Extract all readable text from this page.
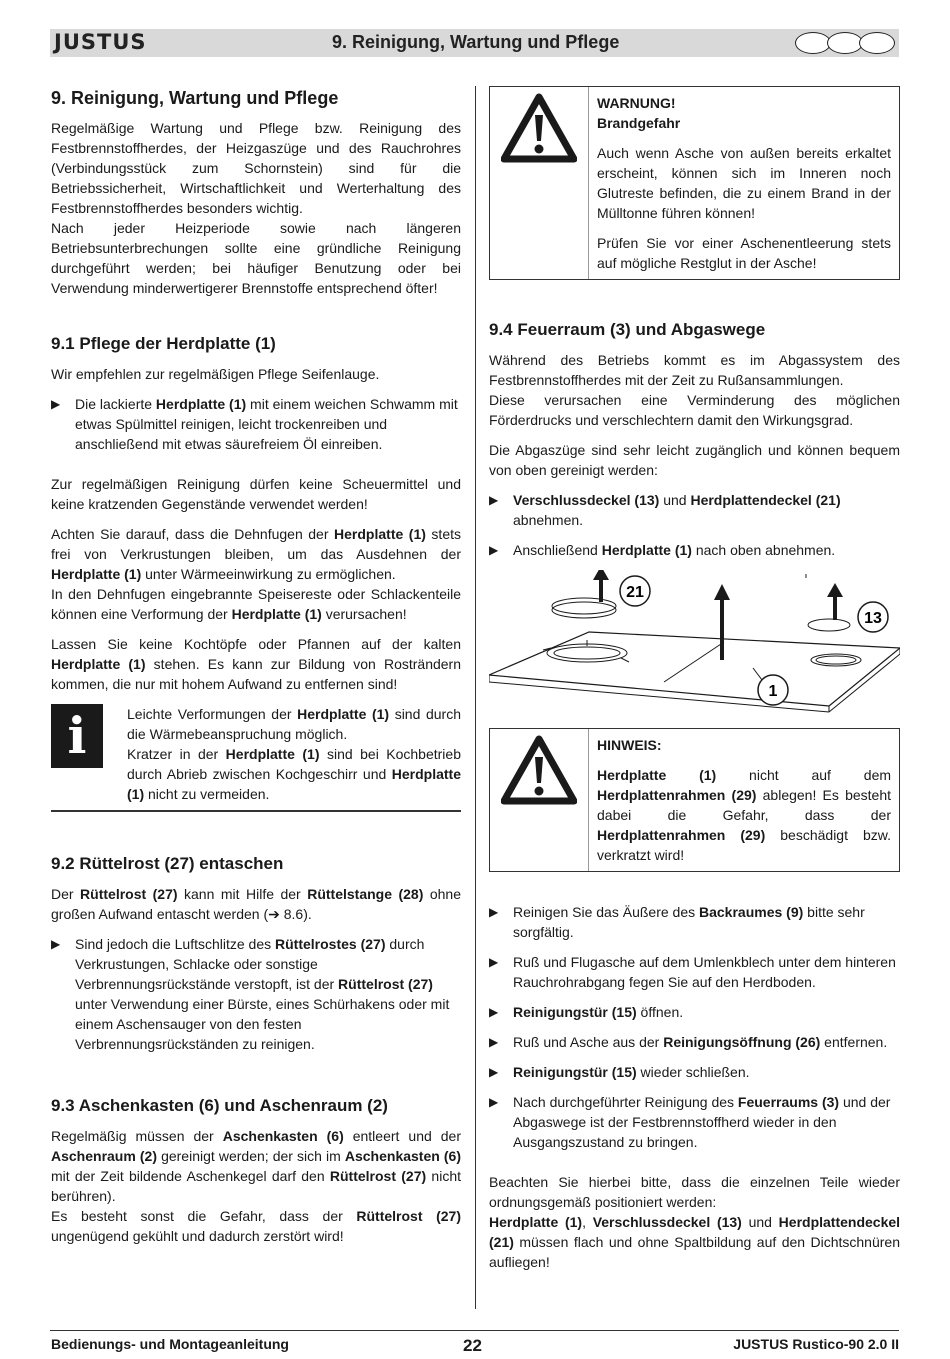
JUSTUS	9. Reinigung, Wartung und Pflege
9. Reinigung, Wartung und Pflege

Regelmäßige Wartung und Pflege bzw. Reinigung des Festbrennstoffherdes, der Heizgaszüge und des Rauchrohres (Verbindungsstück zum Schornstein) sind für die Betriebssicherheit, Wirtschaftlichkeit und Werterhaltung des Festbrennstoffherdes besonders wichtig.

Nach jeder Heizperiode sowie nach längeren Betriebsunterbrechungen sollte eine gründliche Reinigung durchgeführt werden; bei häufiger Benutzung oder bei Verwendung minderwertigerer Brennstoffe entsprechend öfter!

9.1 Pflege der Herdplatte (1)

Wir empfehlen zur regelmäßigen Pflege Seifenlauge.

▶	Die lackierte Herdplatte (1) mit einem weichen Schwamm mit etwas Spülmittel reinigen, leicht trockenreiben und anschließend mit etwas säurefreiem Öl einreiben.

Zur regelmäßigen Reinigung dürfen keine Scheuermittel und keine kratzenden Gegenstände verwendet werden!

Achten Sie darauf, dass die Dehnfugen der Herdplatte (1) stets frei von Verkrustungen bleiben, um das Ausdehnen der Herdplatte (1) unter Wärmeeinwirkung zu ermöglichen.

In den Dehnfugen eingebrannte Speisereste oder Schlackenteile können eine Verformung der Herdplatte (1) verursachen!

Lassen Sie keine Kochtöpfe oder Pfannen auf der kalten Herdplatte (1) stehen. Es kann zur Bildung von Rosträndern kommen, die nur mit hohem Aufwand zu entfernen sind!

i	Leichte Verformungen der Herdplatte (1) sind durch die Wärmebeanspruchung möglich.
Kratzer in der Herdplatte (1) sind bei Kochbetrieb durch Abrieb zwischen Kochgeschirr und Herdplatte (1) nicht zu vermeiden.
9.2 Rüttelrost (27) entaschen

Der Rüttelrost (27) kann mit Hilfe der Rüttelstange (28) ohne großen Aufwand entascht werden (➔ 8.6).

▶	Sind jedoch die Luftschlitze des Rüttelrostes (27) durch Verkrustungen, Schlacke oder sonstige Verbrennungsrückstände verstopft, ist der Rüttelrost (27) unter Verwendung einer Bürste, eines Schürhakens oder mit einem Aschensauger von den festen Verbrennungsrückständen zu reinigen.
9.3 Aschenkasten (6) und Aschenraum (2)

Regelmäßig müssen der Aschenkasten (6) entleert und der Aschenraum (2) gereinigt werden; der sich im Aschenkasten (6) mit der Zeit bildende Aschenkegel darf den Rüttelrost (27) nicht berühren).

Es besteht sonst die Gefahr, dass der Rüttelrost (27) ungenügend gekühlt und dadurch zerstört wird!

WARNUNG!
Brandgefahr

Auch wenn Asche von außen bereits erkaltet erscheint, können sich im Inneren noch Glutreste befinden, die zu einem Brand in der Mülltonne führen können!

Prüfen Sie vor einer Aschenentleerung stets auf mögliche Restglut in der Asche!

9.4 Feuerraum (3) und Abgaswege

Während des Betriebs kommt es im Abgassystem des Festbrennstoffherdes mit der Zeit zu Rußansammlungen.

Diese verursachen eine Verminderung des möglichen Förderdrucks und verschlechtern damit den Wirkungsgrad.

Die Abgaszüge sind sehr leicht zugänglich und können bequem von oben gereinigt werden:

▶	Verschlussdeckel (13) und Herdplattendeckel (21) abnehmen.
▶	Anschließend Herdplatte (1) nach oben abnehmen.
21
13
1
HINWEIS:
Herdplatte (1) nicht auf dem Herdplattenrahmen (29) ablegen! Es besteht dabei die Gefahr, dass der Herdplattenrahmen (29) beschädigt bzw. verkratzt wird!
▶	Reinigen Sie das Äußere des Backraumes (9) bitte sehr sorgfältig.
▶	Ruß und Flugasche auf dem Umlenkblech unter dem hinteren Rauchrohrabgang fegen Sie auf den Herdboden.
▶	Reinigungstür (15) öffnen.
▶	Ruß und Asche aus der Reinigungsöffnung (26) entfernen.
▶	Reinigungstür (15) wieder schließen.
▶	Nach durchgeführter Reinigung des Feuerraums (3) und der Abgaswege ist der Festbrennstoffherd wieder in den Ausgangszustand zu bringen.

Beachten Sie hierbei bitte, dass die einzelnen Teile wieder ordnungsgemäß positioniert werden:

Herdplatte (1), Verschlussdeckel (13) und Herdplattendeckel (21) müssen flach und ohne Spaltbildung auf den Dichtschnüren aufliegen!

Bedienungs- und Montageanleitung	22	JUSTUS Rustico-90 2.0 II
